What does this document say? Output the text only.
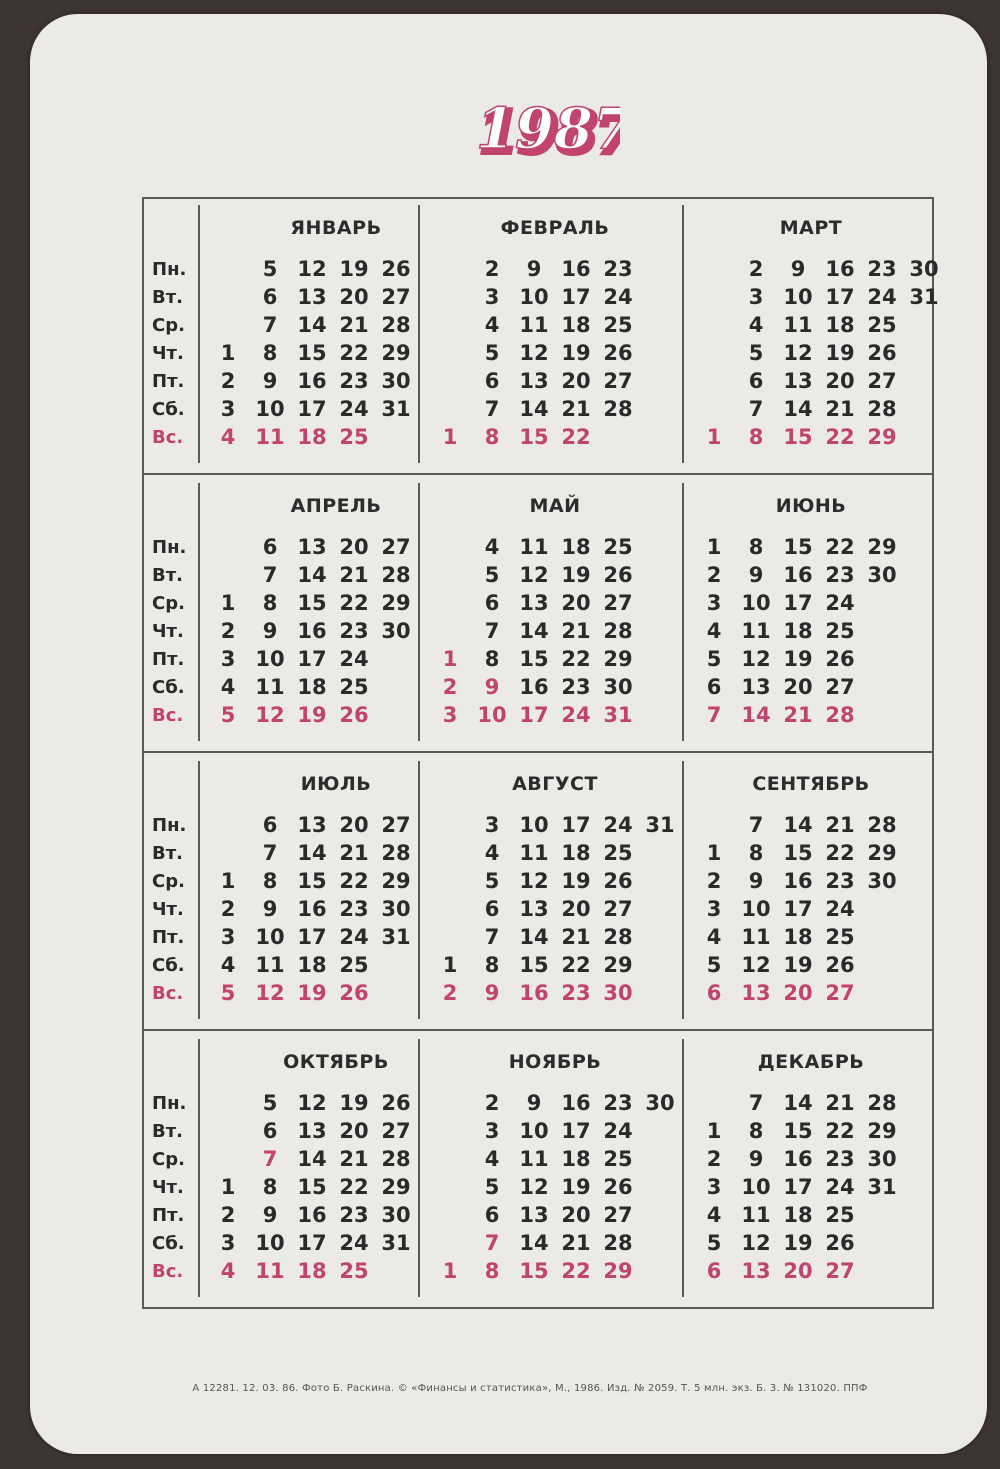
198
1987
Пн.
Вт.
Ср.
Чт.
Пт.
Сб.
Вс.
Пн.
Вт.
Ср.
Чт.
Пт.
Сб.
Вс.
Пн.
Вт.
Ср.
Чт.
Пт.
Сб.
Вс.
Пн.
Вт.
Ср.
Чт.
Пт.
Сб.
Вс.
ЯНВАРЬ
1
2
3
4
5
6
7
8
9
10
11
12
13
14
15
16
17
18
19
20
21
22
23
24
25
26
27
28
29
30
31
ФЕВРАЛЬ
1
2
3
4
5
6
7
8
9
10
11
12
13
14
15
16
17
18
19
20
21
22
23
24
25
26
27
28
МАРТ
1
2
3
4
5
6
7
8
9
10
11
12
13
14
15
16
17
18
19
20
21
22
23
24
25
26
27
28
29
30
31
АПРЕЛЬ
1
2
3
4
5
6
7
8
9
10
11
12
13
14
15
16
17
18
19
20
21
22
23
24
25
26
27
28
29
30
МАЙ
1
2
3
4
5
6
7
8
9
10
11
12
13
14
15
16
17
18
19
20
21
22
23
24
25
26
27
28
29
30
31
ИЮНЬ
1
2
3
4
5
6
7
8
9
10
11
12
13
14
15
16
17
18
19
20
21
22
23
24
25
26
27
28
29
30
ИЮЛЬ
1
2
3
4
5
6
7
8
9
10
11
12
13
14
15
16
17
18
19
20
21
22
23
24
25
26
27
28
29
30
31
АВГУСТ
1
2
3
4
5
6
7
8
9
10
11
12
13
14
15
16
17
18
19
20
21
22
23
24
25
26
27
28
29
30
31
СЕНТЯБРЬ
1
2
3
4
5
6
7
8
9
10
11
12
13
14
15
16
17
18
19
20
21
22
23
24
25
26
27
28
29
30
ОКТЯБРЬ
1
2
3
4
5
6
7
8
9
10
11
12
13
14
15
16
17
18
19
20
21
22
23
24
25
26
27
28
29
30
31
НОЯБРЬ
1
2
3
4
5
6
7
8
9
10
11
12
13
14
15
16
17
18
19
20
21
22
23
24
25
26
27
28
29
30
ДЕКАБРЬ
1
2
3
4
5
6
7
8
9
10
11
12
13
14
15
16
17
18
19
20
21
22
23
24
25
26
27
28
29
30
31
А 12281. 12. 03. 86. Фото Б. Раскина. © «Финансы и статистика», М., 1986. Изд. № 2059. Т. 5 млн. экз. Б. 3. № 131020. ППФ
